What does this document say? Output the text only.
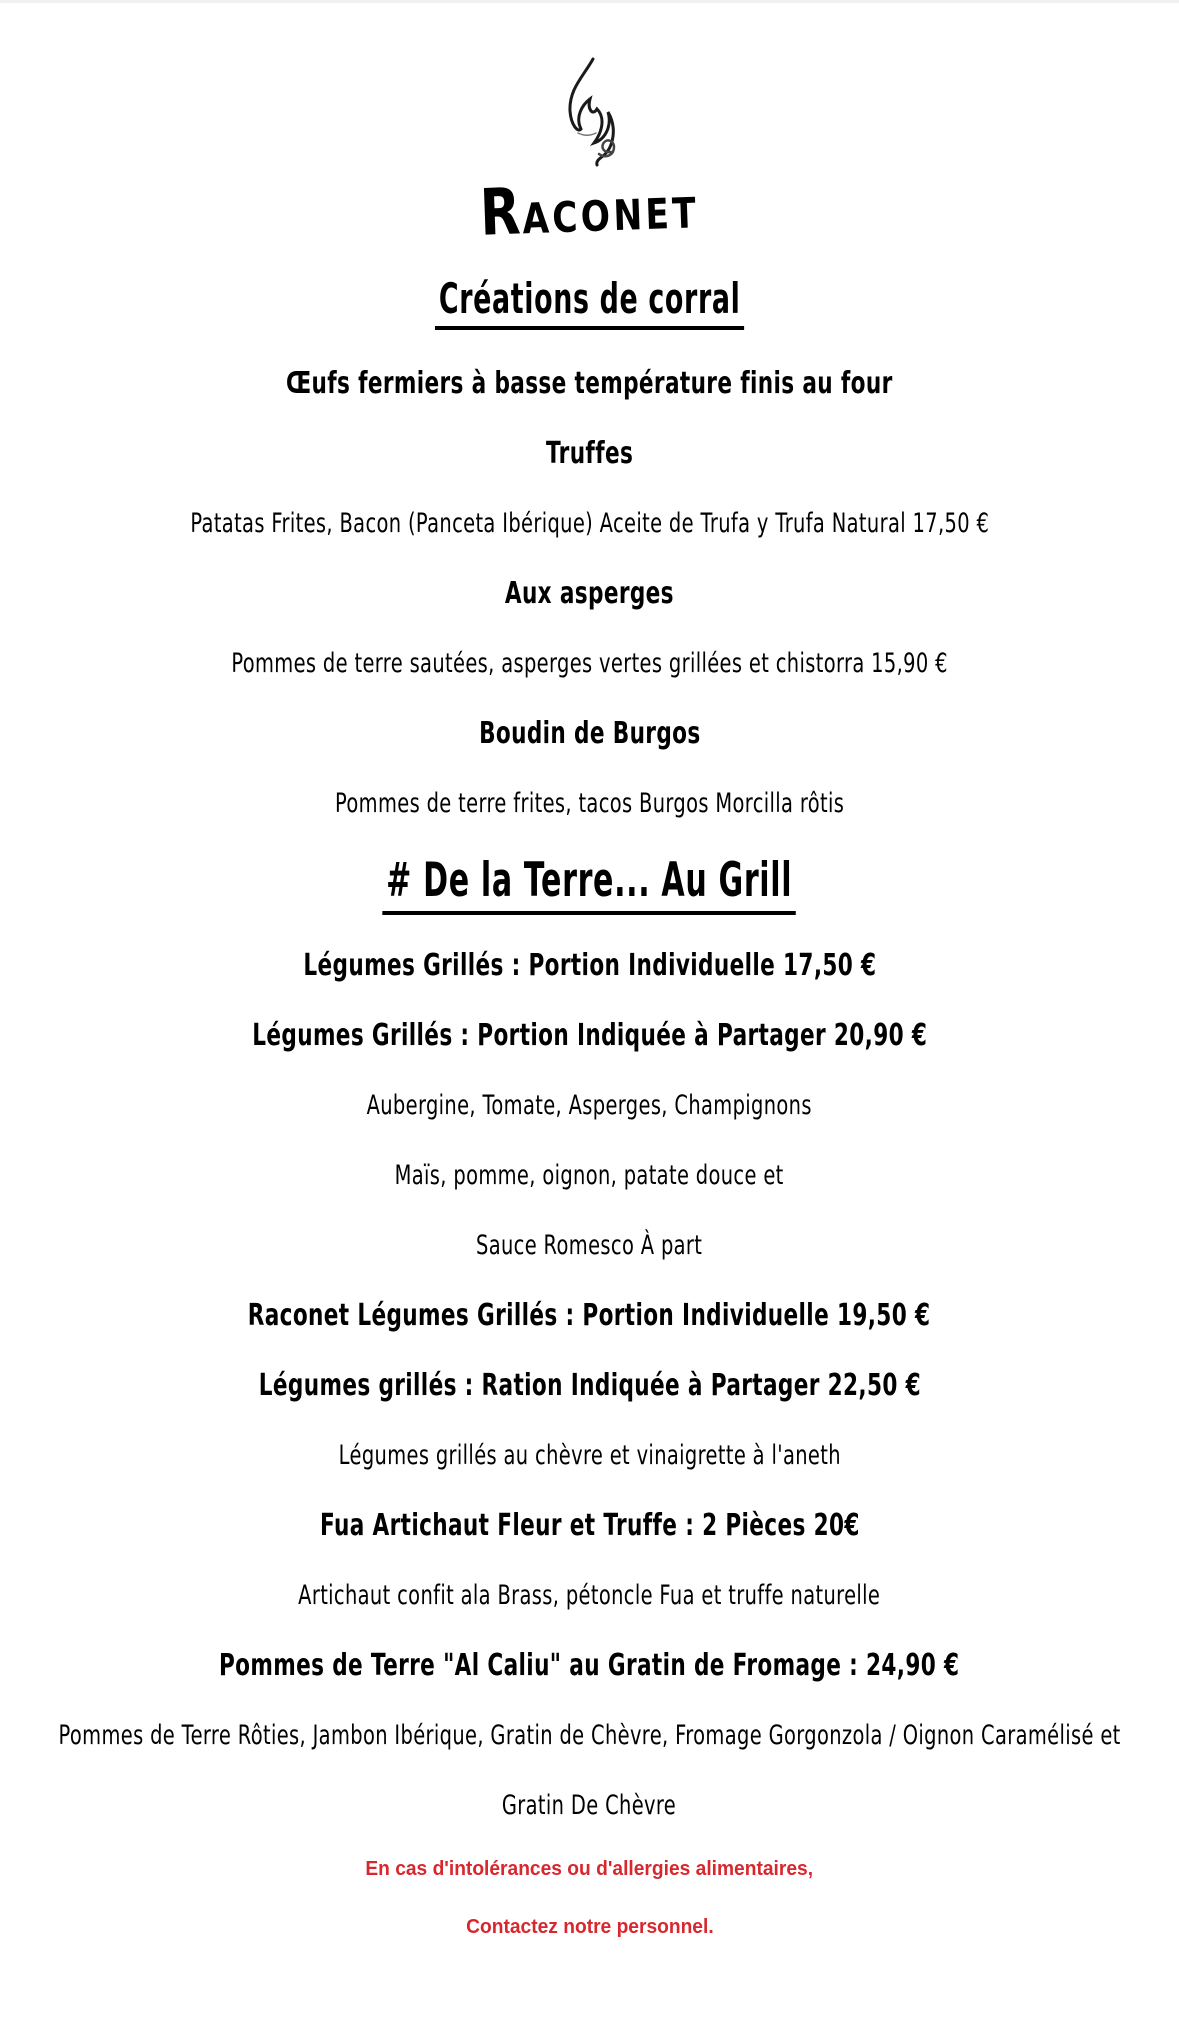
RACONET
Créations de corral
Œufs fermiers à basse température finis au four
Truffes
Patatas Frites, Bacon (Panceta Ibérique) Aceite de Trufa y Trufa Natural 17,50 €
Aux asperges
Pommes de terre sautées, asperges vertes grillées et chistorra 15,90 €
Boudin de Burgos
Pommes de terre frites, tacos Burgos Morcilla rôtis
# De la Terre... Au Grill
Légumes Grillés : Portion Individuelle 17,50 €
Légumes Grillés : Portion Indiquée à Partager 20,90 €
Aubergine, Tomate, Asperges, Champignons
Maïs, pomme, oignon, patate douce et
Sauce Romesco À part
Raconet Légumes Grillés : Portion Individuelle 19,50 €
Légumes grillés : Ration Indiquée à Partager 22,50 €
Légumes grillés au chèvre et vinaigrette à l'aneth
Fua Artichaut Fleur et Truffe : 2 Pièces 20€
Artichaut confit ala Brass, pétoncle Fua et truffe naturelle
Pommes de Terre "Al Caliu" au Gratin de Fromage : 24,90 €
Pommes de Terre Rôties, Jambon Ibérique, Gratin de Chèvre, Fromage Gorgonzola / Oignon Caramélisé et
Gratin De Chèvre
En cas d'intolérances ou d'allergies alimentaires,
Contactez notre personnel.
